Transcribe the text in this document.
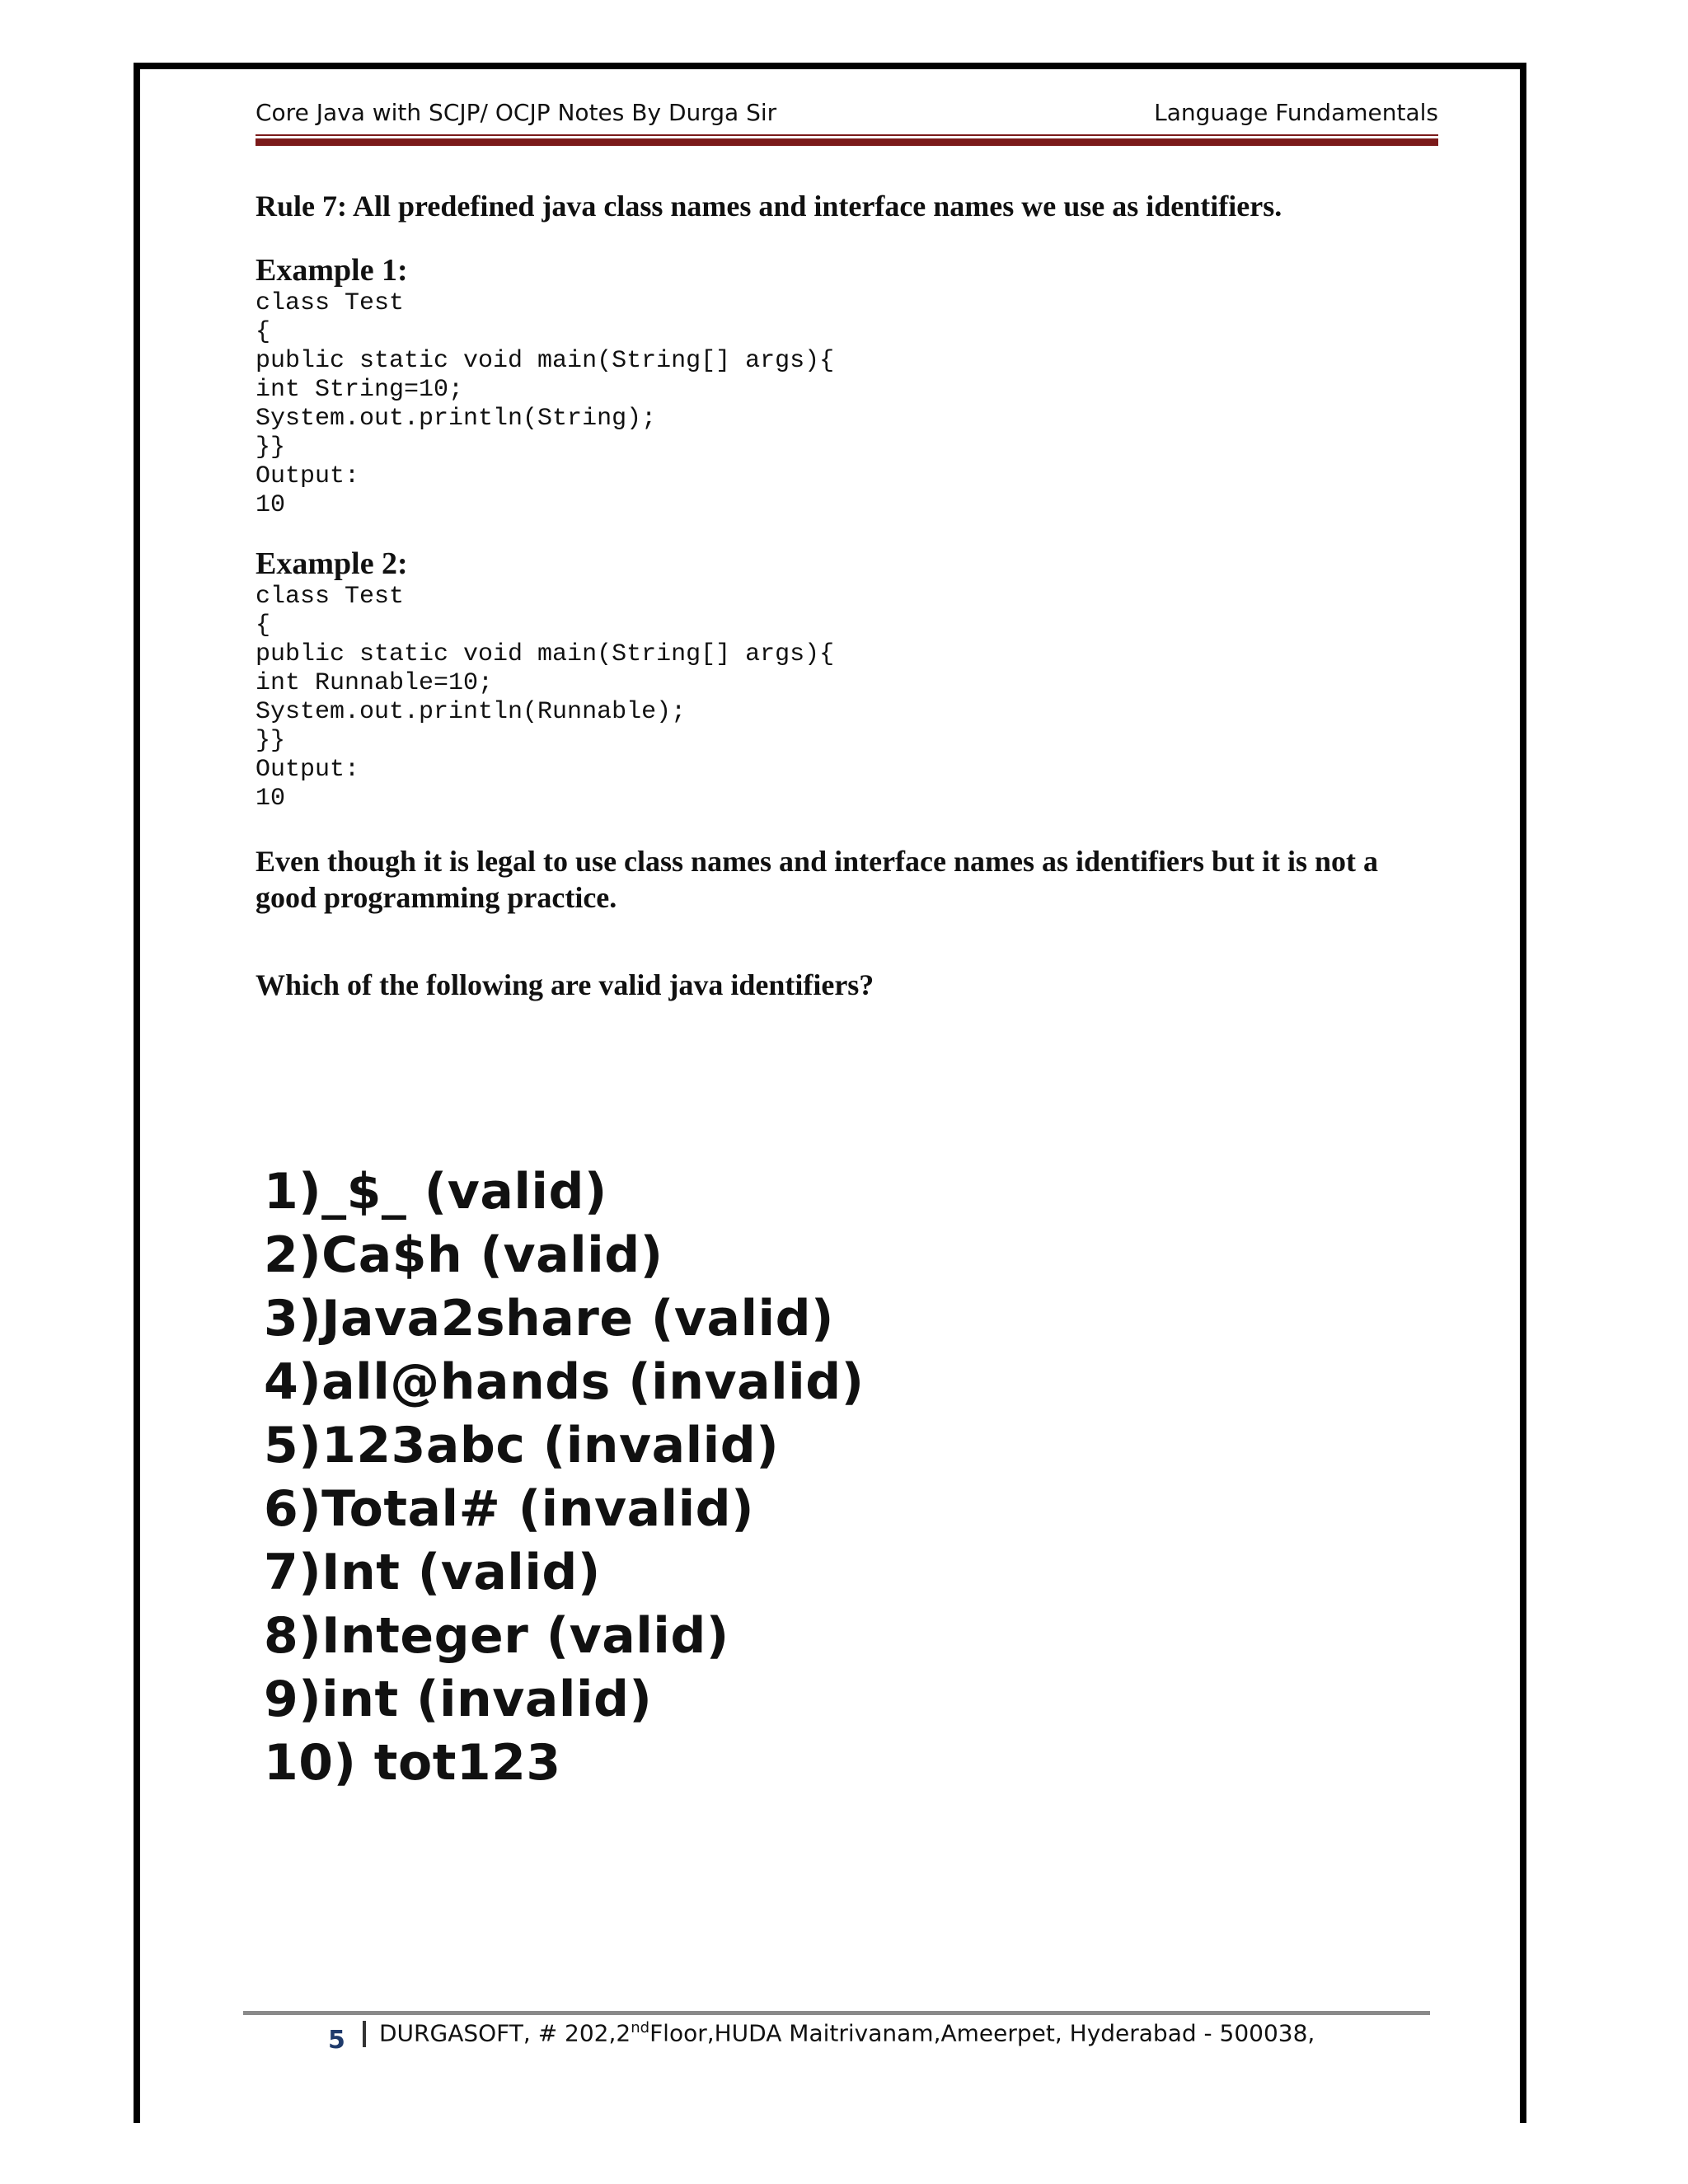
Core Java with SCJP/ OCJP Notes By Durga Sir	Language Fundamentals

Rule 7: All predefined java class names and interface names we use as identifiers.

Example 1:

class Test
{
public static void main(String[] args){
int String=10;
System.out.println(String);
}}
Output:
10

Example 2:

class Test
{
public static void main(String[] args){
int Runnable=10;
System.out.println(Runnable);
}}
Output:
10

Even though it is legal to use class names and interface names as identifiers but it is not a good programming practice.

Which of the following are valid java identifiers?

1)_$_ (valid)
2)Ca$h (valid)
3)Java2share (valid)
4)all@hands (invalid)
5)123abc (invalid)
6)Total# (invalid)
7)Int (valid)
8)Integer (valid)
9)int (invalid)
10) tot123
5 DURGASOFT, # 202,2ndFloor,HUDA Maitrivanam,Ameerpet, Hyderabad - 500038,
